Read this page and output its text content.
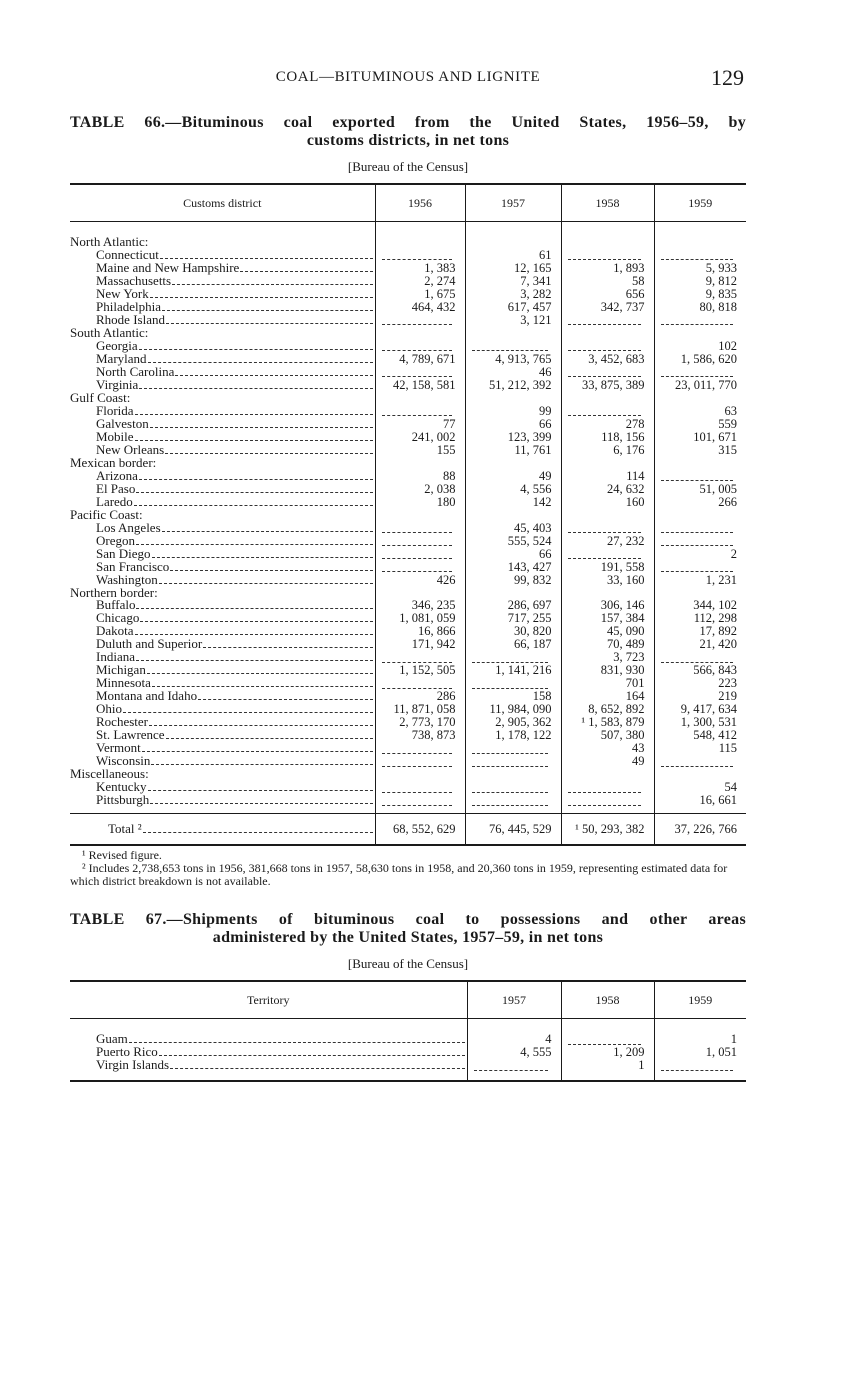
COAL—BITUMINOUS AND LIGNITE	129
TABLE 66.—Bituminous coal exported from the United States, 1956–59, by
customs districts, in net tons
[Bureau of the Census]
Customs district	1956	1957	1958	1959

North Atlantic:				

Connecticut		61	

Maine and New Hampshire	1, 383	12, 165	1, 893	5, 933

Massachusetts	2, 274	7, 341	58	9, 812

New York	1, 675	3, 282	656	9, 835

Philadelphia	464, 432	617, 457	342, 737	80, 818

Rhode Island		3, 121	

South Atlantic:				

Georgia				102

Maryland	4, 789, 671	4, 913, 765	3, 452, 683	1, 586, 620

North Carolina		46	

Virginia	42, 158, 581	51, 212, 392	33, 875, 389	23, 011, 770
Gulf Coast:				

Florida		99		63

Galveston	77	66	278	559

Mobile	241, 002	123, 399	118, 156	101, 671

New Orleans	155	11, 761	6, 176	315
Mexican border:				

Arizona	88	49	114	

El Paso	2, 038	4, 556	24, 632	51, 005

Laredo	180	142	160	266
Pacific Coast:				

Los Angeles		45, 403	

Oregon		555, 524	27, 232	

San Diego		66		2

San Francisco		143, 427	191, 558	

Washington	426	99, 832	33, 160	1, 231
Northern border:				

Buffalo	346, 235	286, 697	306, 146	344, 102

Chicago	1, 081, 059	717, 255	157, 384	112, 298

Dakota	16, 866	30, 820	45, 090	17, 892

Duluth and Superior	171, 942	66, 187	70, 489	21, 420

Indiana			3, 723	

Michigan	1, 152, 505	1, 141, 216	831, 930	566, 843

Minnesota			701	223

Montana and Idaho	286	158	164	219

Ohio	11, 871, 058	11, 984, 090	8, 652, 892	9, 417, 634

Rochester	2, 773, 170	2, 905, 362	¹ 1, 583, 879	1, 300, 531

St. Lawrence	738, 873	1, 178, 122	507, 380	548, 412

Vermont			43	115

Wisconsin			49	

Miscellaneous:				

Kentucky				54

Pittsburgh				16, 661

Total ²	68, 552, 629	76, 445, 529	¹ 50, 293, 382	37, 226, 766

¹ Revised figure.

² Includes 2,738,653 tons in 1956, 381,668 tons in 1957, 58,630 tons in 1958, and 20,360 tons in 1959, representing estimated data for which district breakdown is not available.

TABLE 67.—Shipments of bituminous coal to possessions and other areas
administered by the United States, 1957–59, in net tons
[Bureau of the Census]
Territory	1957	1958	1959

Guam	4		1

Puerto Rico	4, 555	1, 209	1, 051

Virgin Islands		1	
